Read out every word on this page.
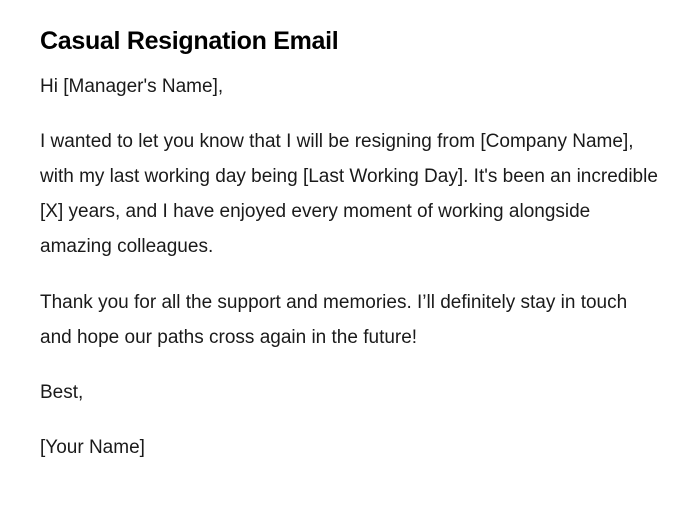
Casual Resignation Email

Hi [Manager's Name],

I wanted to let you know that I will be resigning from [Company Name], with my last working day being [Last Working Day]. It's been an incredible [X] years, and I have enjoyed every moment of working alongside amazing colleagues.

Thank you for all the support and memories. I’ll definitely stay in touch and hope our paths cross again in the future!

Best,

[Your Name]
